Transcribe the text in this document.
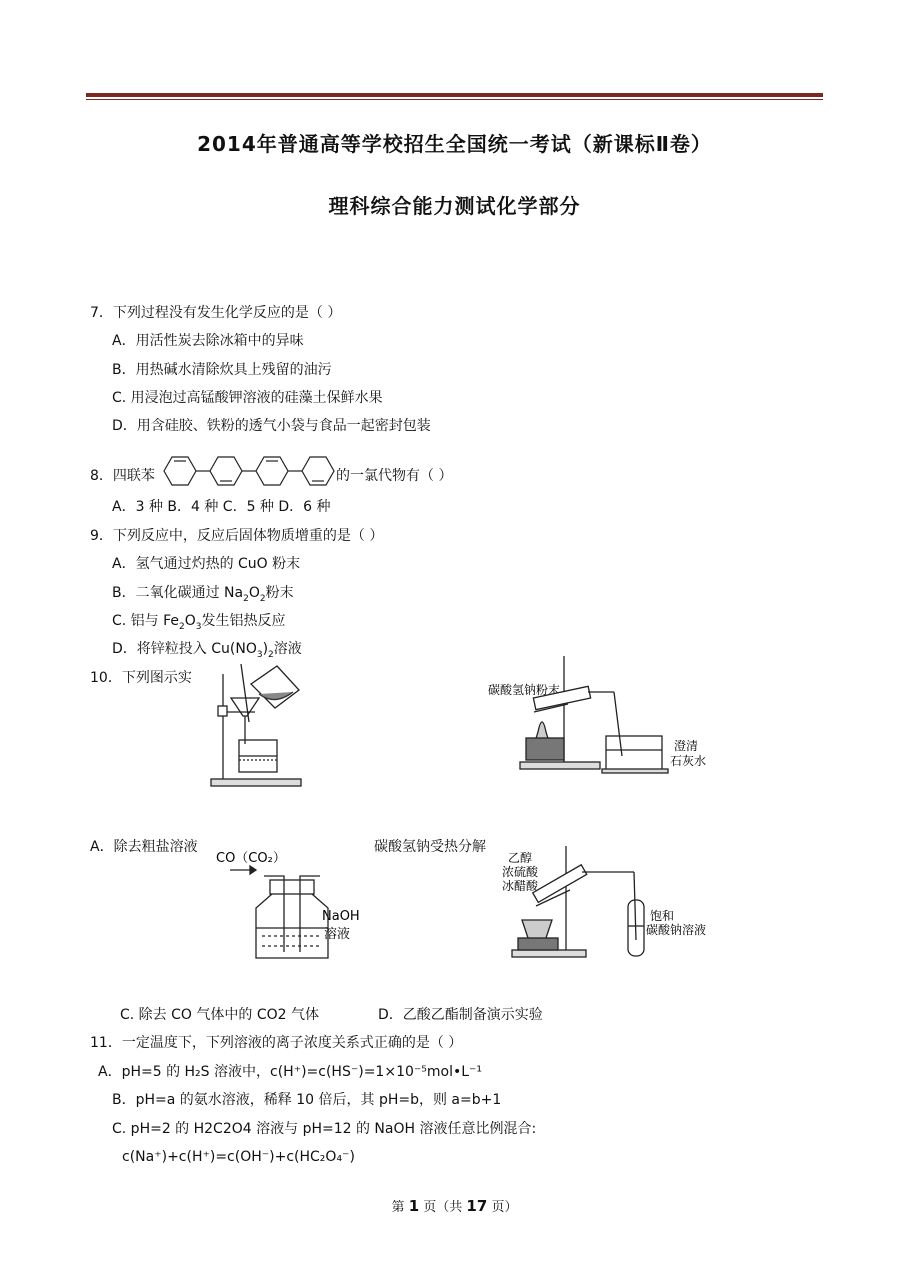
2014年普通高等学校招生全国统一考试（新课标Ⅱ卷）
理科综合能力测试化学部分
7．下列过程没有发生化学反应的是（ ）
A．用活性炭去除冰箱中的异味
B．用热碱水清除炊具上残留的油污
C. 用浸泡过高锰酸钾溶液的硅藻土保鲜水果
D．用含硅胶、铁粉的透气小袋与食品一起密封包装
8．四联苯	的一氯代物有（ ）
A．3 种 B．4 种 C．5 种 D．6 种
9．下列反应中，反应后固体物质增重的是（ ）
A．氢气通过灼热的 CuO 粉末
B．二氧化碳通过 $Na_2O_2$粉末
C. 铝与 $Fe_2O_3$发生铝热反应
D．将锌粒投入 $Cu(NO_3)_2$溶液
10．下列图示实
碳酸氢钠粉末
澄清
石灰水
A．除去粗盐溶液	碳酸氢钠受热分解
CO（CO₂）
NaOH
溶液
乙醇
浓硫酸
冰醋酸
饱和
碳酸钠溶液
C. 除去 CO 气体中的 CO2 气体	D．乙酸乙酯制备演示实验
11．一定温度下，下列溶液的离子浓度关系式正确的是（ ）
A．pH=5 的 H₂S 溶液中，c(H⁺)=c(HS⁻)=1×10⁻⁵mol•L⁻¹
B．pH=a 的氨水溶液，稀释 10 倍后，其 pH=b，则 a=b+1
C. pH=2 的 H2C2O4 溶液与 pH=12 的 NaOH 溶液任意比例混合:
c(Na⁺)+c(H⁺)=c(OH⁻)+c(HC₂O₄⁻)
第 1 页（共 17 页）
